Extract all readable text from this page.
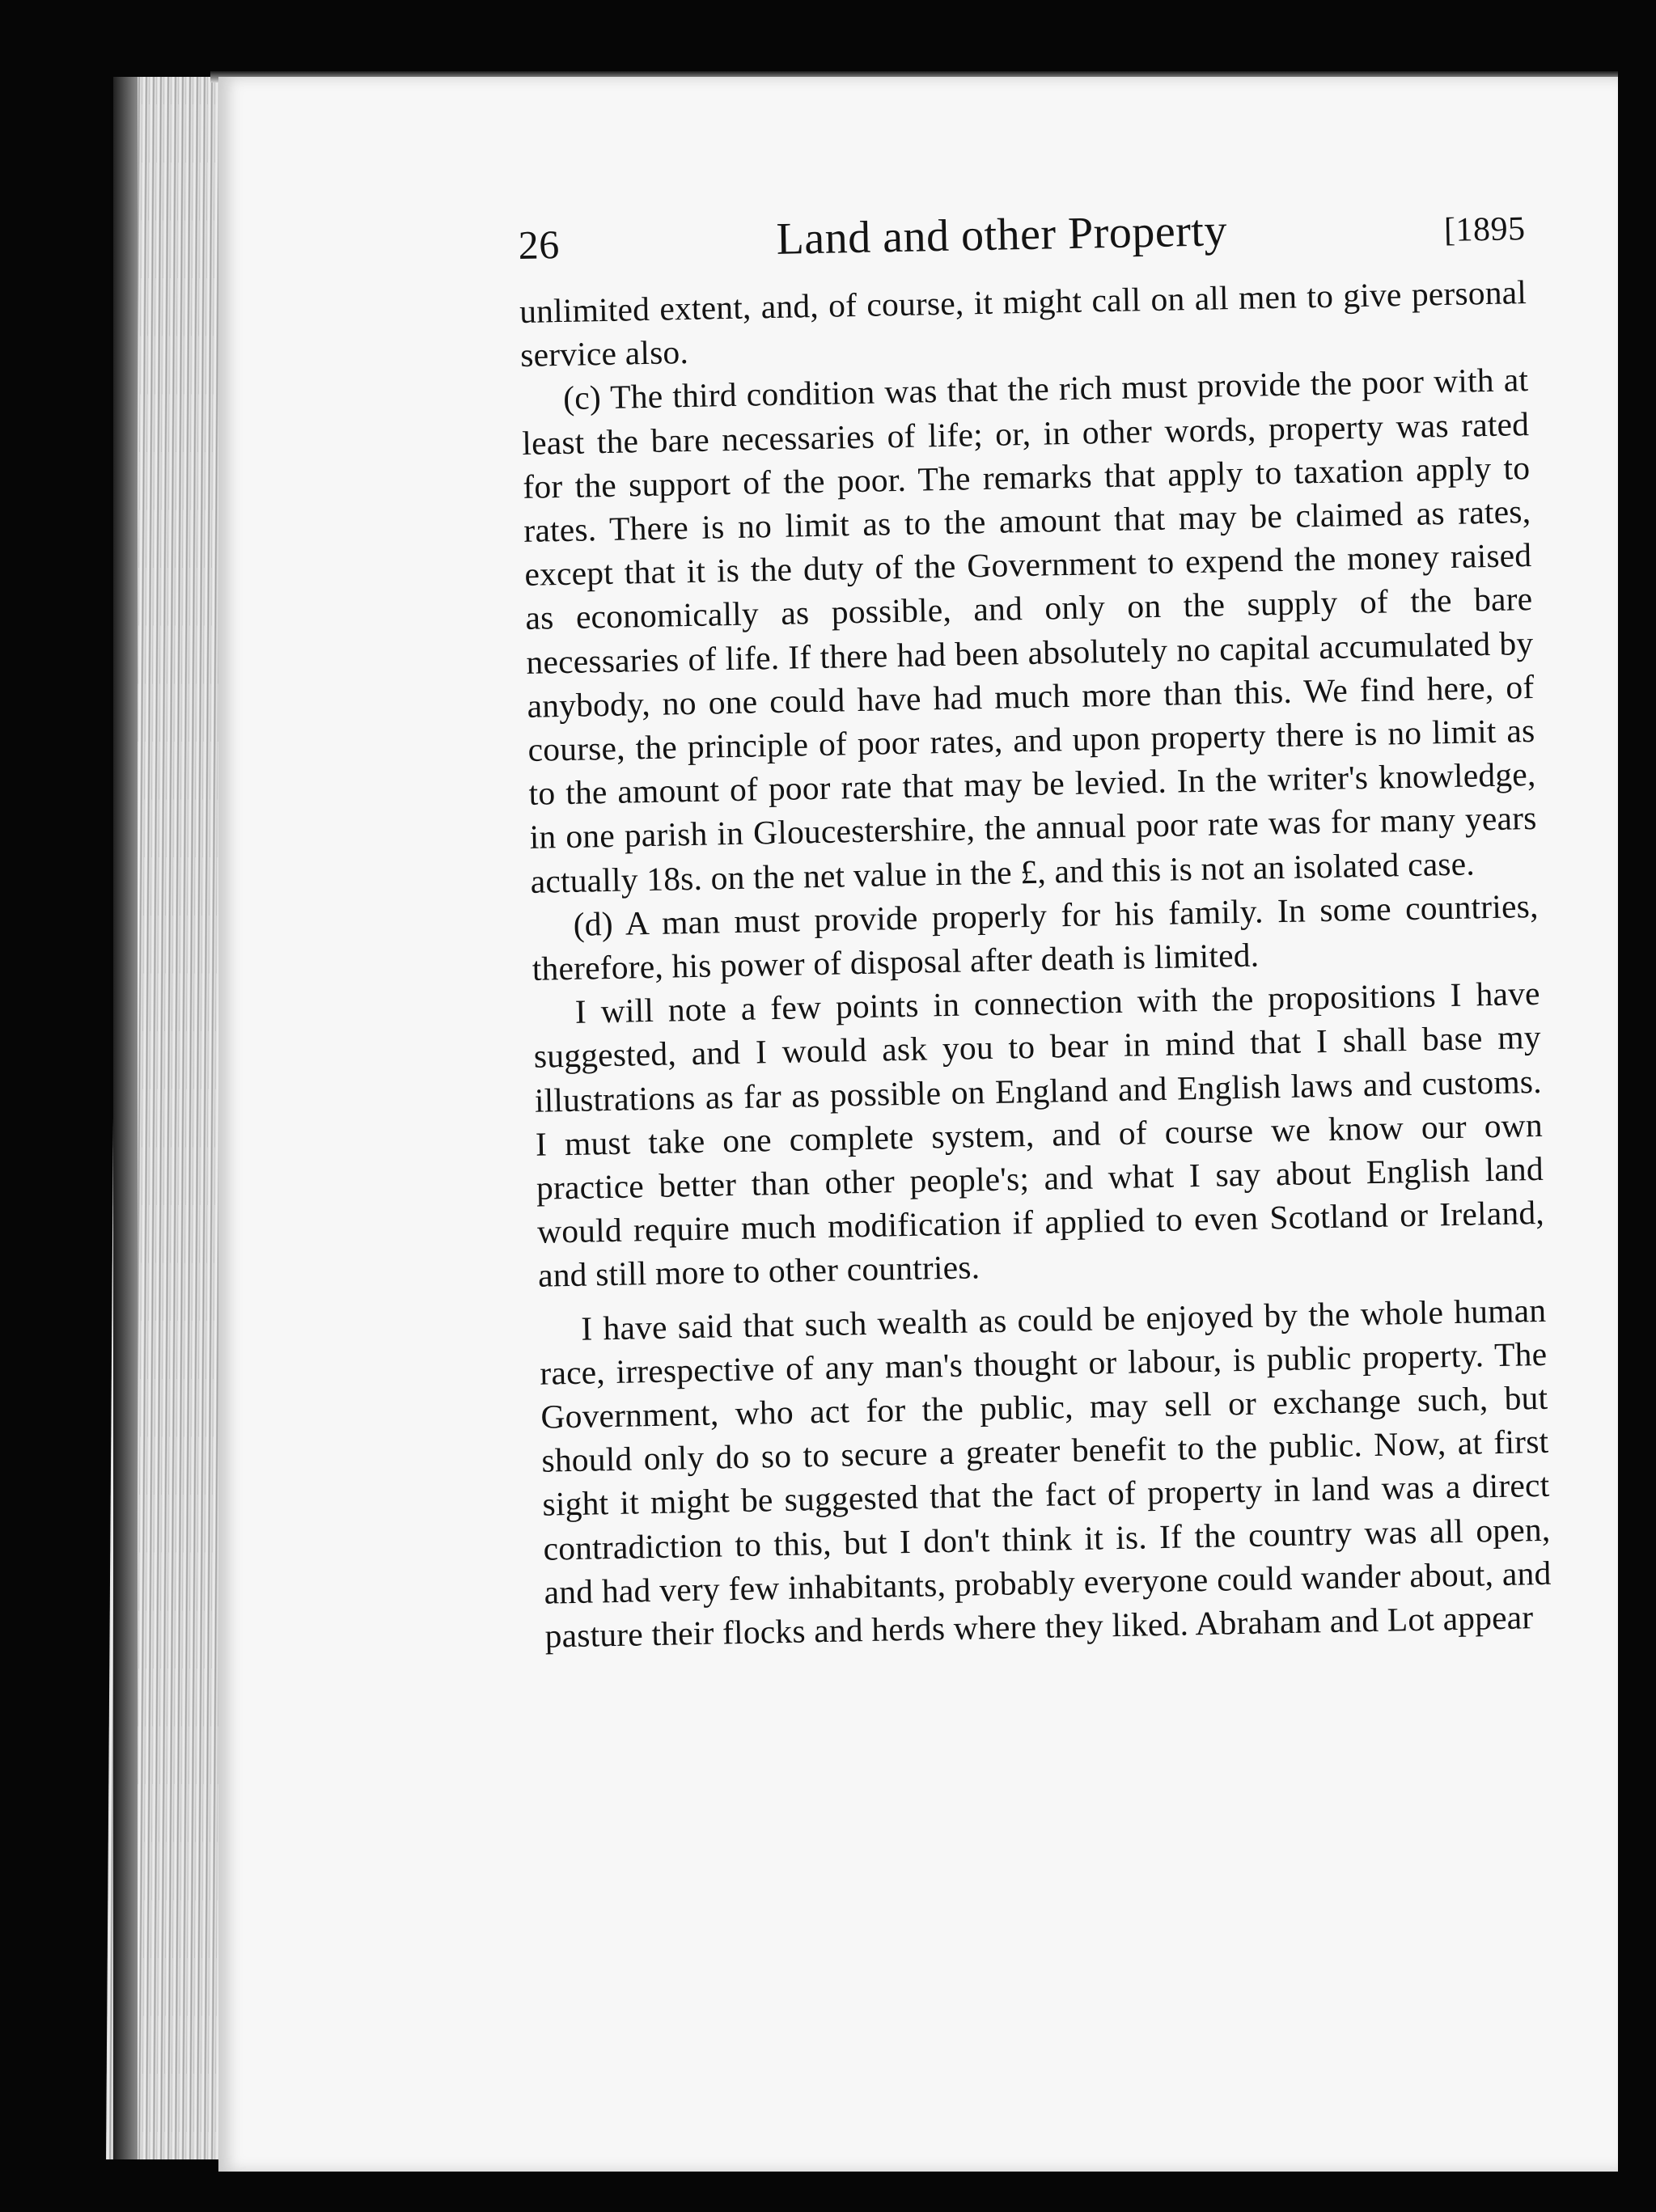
26	Land and other Property	[1895

unlimited extent, and, of course, it might call on all men to give personal service also.

(c) The third condition was that the rich must provide the poor with at least the bare necessaries of life; or, in other words, property was rated for the support of the poor. The remarks that apply to taxation apply to rates. There is no limit as to the amount that may be claimed as rates, except that it is the duty of the Government to expend the money raised as economically as possible, and only on the supply of the bare necessaries of life. If there had been absolutely no capital accumulated by anybody, no one could have had much more than this. We find here, of course, the principle of poor rates, and upon property there is no limit as to the amount of poor rate that may be levied. In the writer's knowledge, in one parish in Gloucestershire, the annual poor rate was for many years actually 18s. on the net value in the £, and this is not an isolated case.

(d) A man must provide properly for his family. In some countries, therefore, his power of disposal after death is limited.

I will note a few points in connection with the propositions I have suggested, and I would ask you to bear in mind that I shall base my illustrations as far as possible on England and English laws and customs. I must take one complete system, and of course we know our own practice better than other people's; and what I say about English land would require much modification if applied to even Scotland or Ireland, and still more to other countries.

I have said that such wealth as could be enjoyed by the whole human race, irrespective of any man's thought or labour, is public property. The Government, who act for the public, may sell or exchange such, but should only do so to secure a greater benefit to the public. Now, at first sight it might be suggested that the fact of property in land was a direct contradiction to this, but I don't think it is. If the country was all open, and had very few inhabitants, probably everyone could wander about, and pasture their flocks and herds where they liked. Abraham and Lot appear
